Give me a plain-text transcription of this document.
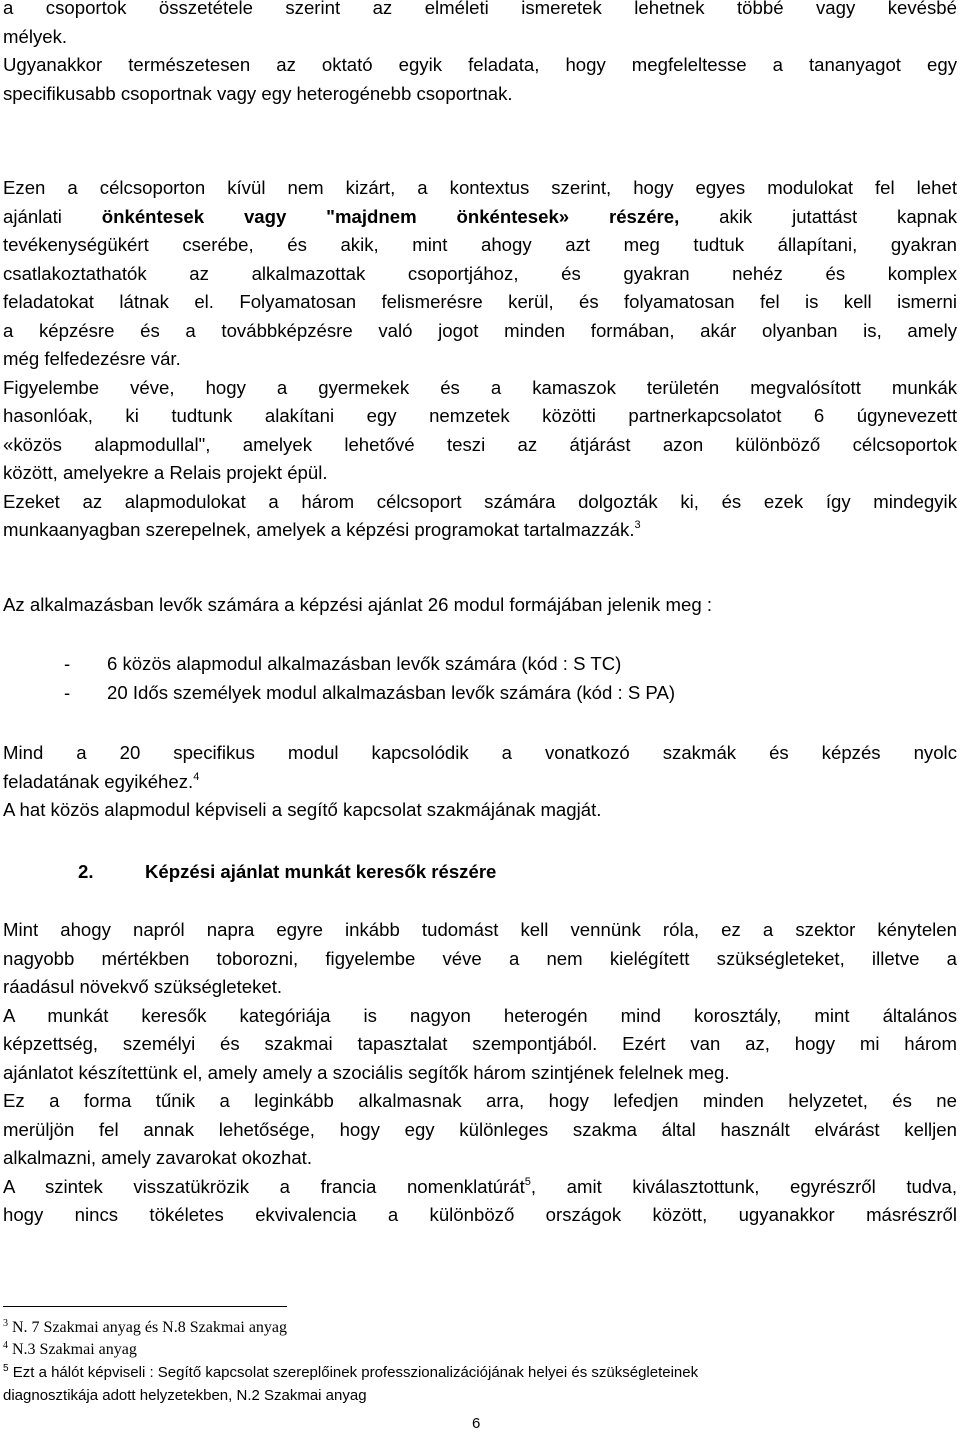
a csoportok összetétele szerint az elméleti ismeretek lehetnek többé vagy kevésbé
mélyek.
Ugyanakkor természetesen az oktató egyik feladata, hogy megfeleltesse a tananyagot egy
specifikusabb csoportnak vagy egy heterogénebb csoportnak.
Ezen a célcsoporton kívül nem kizárt, a kontextus szerint, hogy egyes modulokat fel lehet
ajánlati önkéntesek vagy "majdnem önkéntesek» részére, akik jutattást kapnak
tevékenységükért cserébe, és akik, mint ahogy azt meg tudtuk állapítani, gyakran
csatlakoztathatók az alkalmazottak csoportjához, és gyakran nehéz és komplex
feladatokat látnak el. Folyamatosan felismerésre kerül, és folyamatosan fel is kell ismerni
a képzésre és a továbbképzésre való jogot minden formában, akár olyanban is, amely
még felfedezésre vár.
Figyelembe véve, hogy a gyermekek és a kamaszok területén megvalósított munkák
hasonlóak, ki tudtunk alakítani egy nemzetek közötti partnerkapcsolatot 6 úgynevezett
«közös alapmodullal", amelyek lehetővé teszi az átjárást azon különböző célcsoportok
között, amelyekre a Relais projekt épül.
Ezeket az alapmodulokat a három célcsoport számára dolgozták ki, és ezek így mindegyik
munkaanyagban szerepelnek, amelyek a képzési programokat tartalmazzák.$^3$
Az alkalmazásban levők számára a képzési ajánlat 26 modul formájában jelenik meg :
- 6 közös alapmodul alkalmazásban levők számára (kód : S TC)
- 20 Idős személyek modul alkalmazásban levők számára (kód : S PA)
Mind a 20 specifikus modul kapcsolódik a vonatkozó szakmák és képzés nyolc
feladatának egyikéhez.$^4$
A hat közös alapmodul képviseli a segítő kapcsolat szakmájának magját.
2.	Képzési ajánlat munkát keresők részére
Mint ahogy napról napra egyre inkább tudomást kell vennünk róla, ez a szektor kénytelen
nagyobb mértékben toborozni, figyelembe véve a nem kielégített szükségleteket, illetve a
ráadásul növekvő szükségleteket.
A munkát keresők kategóriája is nagyon heterogén mind korosztály, mint általános
képzettség, személyi és szakmai tapasztalat szempontjából. Ezért van az, hogy mi három
ajánlatot készítettünk el, amely amely a szociális segítők három szintjének felelnek meg.
Ez a forma tűnik a leginkább alkalmasnak arra, hogy lefedjen minden helyzetet, és ne
merüljön fel annak lehetősége, hogy egy különleges szakma által használt elvárást kelljen
alkalmazni, amely zavarokat okozhat.
A szintek visszatükrözik a francia nomenklatúrát$^5$, amit kiválasztottunk, egyrészről tudva,
hogy nincs tökéletes ekvivalencia a különböző országok között, ugyanakkor másrészről
$^3$ N. 7 Szakmai anyag és N.8 Szakmai anyag
$^4$ N.3 Szakmai anyag
$^5$ Ezt a hálót képviseli : Segítő kapcsolat szereplőinek professzionalizációjának helyei és szükségleteinek
diagnosztikája adott helyzetekben, N.2 Szakmai anyag
6
